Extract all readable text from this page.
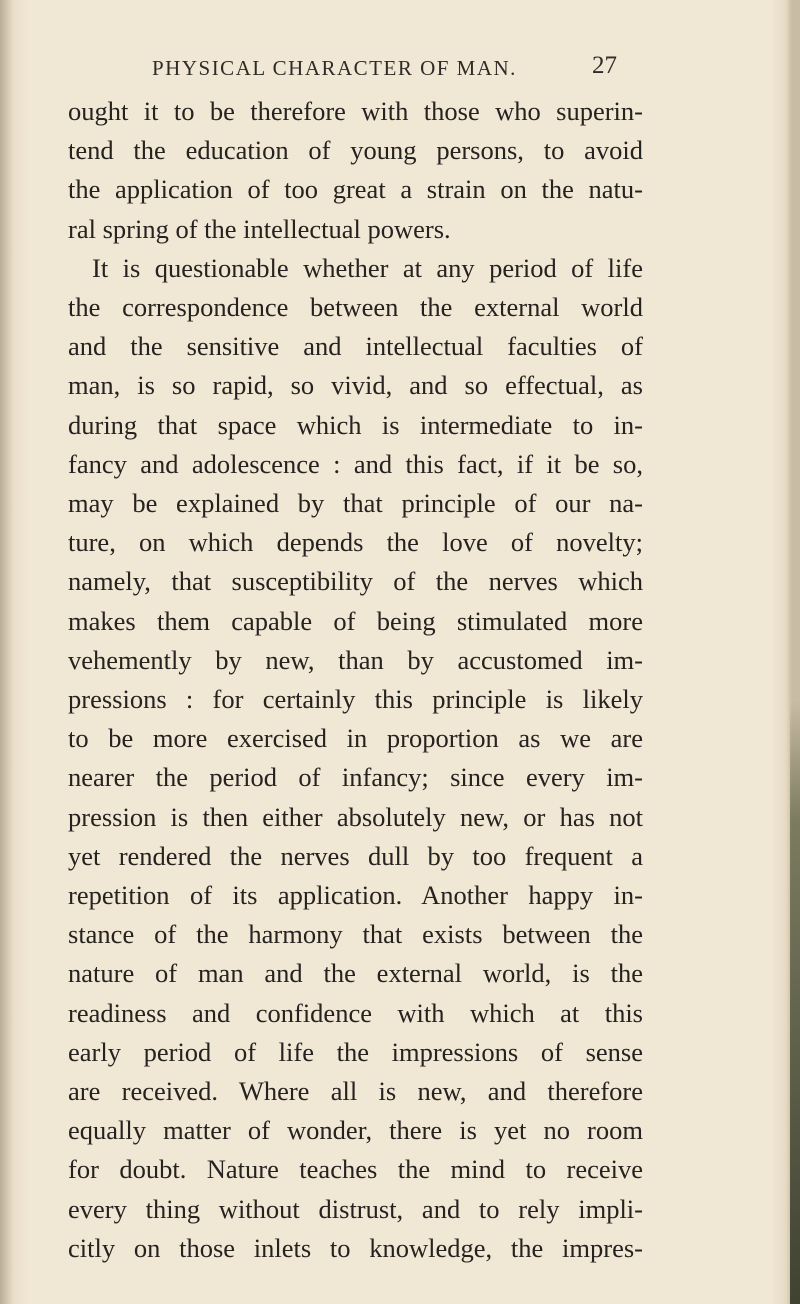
PHYSICAL CHARACTER OF MAN.	27
ought it to be therefore with those who superin-
tend the education of young persons, to avoid
the application of too great a strain on the natu-
ral spring of the intellectual powers.
It is questionable whether at any period of life
the correspondence between the external world
and the sensitive and intellectual faculties of
man, is so rapid, so vivid, and so effectual, as
during that space which is intermediate to in-
fancy and adolescence : and this fact, if it be so,
may be explained by that principle of our na-
ture, on which depends the love of novelty;
namely, that susceptibility of the nerves which
makes them capable of being stimulated more
vehemently by new, than by accustomed im-
pressions : for certainly this principle is likely
to be more exercised in proportion as we are
nearer the period of infancy; since every im-
pression is then either absolutely new, or has not
yet rendered the nerves dull by too frequent a
repetition of its application. Another happy in-
stance of the harmony that exists between the
nature of man and the external world, is the
readiness and confidence with which at this
early period of life the impressions of sense
are received. Where all is new, and therefore
equally matter of wonder, there is yet no room
for doubt. Nature teaches the mind to receive
every thing without distrust, and to rely impli-
citly on those inlets to knowledge, the impres-
